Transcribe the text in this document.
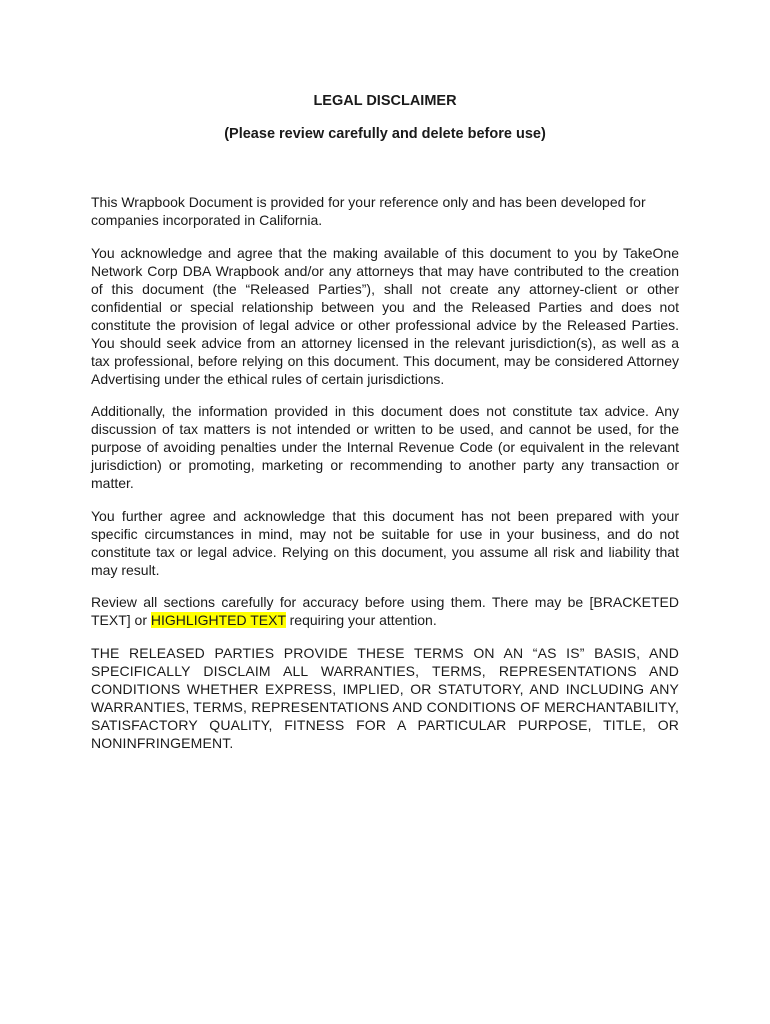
LEGAL DISCLAIMER
(Please review carefully and delete before use)

This Wrapbook Document is provided for your reference only and has been developed for companies incorporated in California.

You acknowledge and agree that the making available of this document to you by TakeOne Network Corp DBA Wrapbook and/or any attorneys that may have contributed to the creation of this document (the “Released Parties”), shall not create any attorney-client or other confidential or special relationship between you and the Released Parties and does not constitute the provision of legal advice or other professional advice by the Released Parties. You should seek advice from an attorney licensed in the relevant jurisdiction(s), as well as a tax professional, before relying on this document. This document, may be considered Attorney Advertising under the ethical rules of certain jurisdictions.

Additionally, the information provided in this document does not constitute tax advice. Any discussion of tax matters is not intended or written to be used, and cannot be used, for the purpose of avoiding penalties under the Internal Revenue Code (or equivalent in the relevant jurisdiction) or promoting, marketing or recommending to another party any transaction or matter.

You further agree and acknowledge that this document has not been prepared with your specific circumstances in mind, may not be suitable for use in your business, and do not constitute tax or legal advice. Relying on this document, you assume all risk and liability that may result.

Review all sections carefully for accuracy before using them. There may be [BRACKETED TEXT] or HIGHLIGHTED TEXT requiring your attention.

THE RELEASED PARTIES PROVIDE THESE TERMS ON AN “AS IS” BASIS, AND SPECIFICALLY DISCLAIM ALL WARRANTIES, TERMS, REPRESENTATIONS AND CONDITIONS WHETHER EXPRESS, IMPLIED, OR STATUTORY, AND INCLUDING ANY WARRANTIES, TERMS, REPRESENTATIONS AND CONDITIONS OF MERCHANTABILITY, SATISFACTORY QUALITY, FITNESS FOR A PARTICULAR PURPOSE, TITLE, OR NONINFRINGEMENT.
